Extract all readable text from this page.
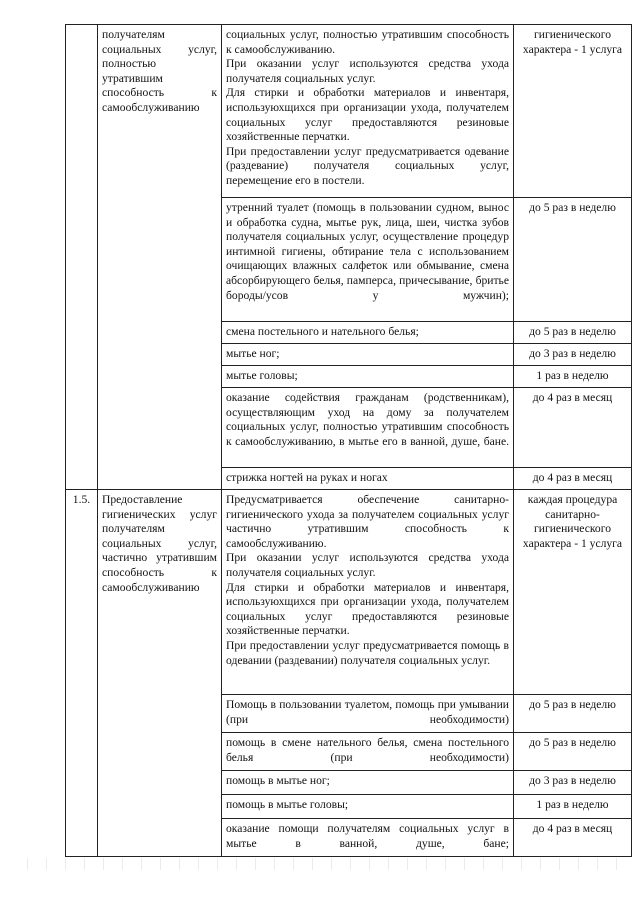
	получателям социальных услуг, полностью утратившим способность к самообслуживанию	социальных услуг, полностью утратившим способность к самообслуживанию.
При оказании услуг используются средства ухода получателя социальных услуг.
Для стирки и обработки материалов и инвентаря, используюхщихся при организации ухода, получателем социальных услуг предоставляются резиновые хозяйственные перчатки.
При предоставлении услуг предусматривается одевание (раздевание) получателя социальных услуг, перемещение его в постели.	гигиенического характера - 1 услуга
		утренний туалет (помощь в пользовании судном, вынос и обработка судна, мытье рук, лица, шеи, чистка зубов получателя социальных услуг, осуществление процедур интимной гигиены, обтирание тела с использованием очищающих влажных салфеток или обмывание, смена абсорбирующего белья, памперса, причесывание, бритье бороды/усов у мужчин);	до 5 раз в неделю
		смена постельного и нательного белья;	до 5 раз в неделю
		мытье ног;	до 3 раз в неделю
		мытье головы;	1 раз в неделю
		оказание содействия гражданам (родственникам), осуществляющим уход на дому за получателем социальных услуг, полностью утратившим способность к самообслуживанию, в мытье его в ванной, душе, бане.	до 4 раз в месяц
		стрижка ногтей на руках и ногах	до 4 раз в месяц
1.5.	Предоставление гигиенических услуг получателям социальных услуг, частично утратившим способность к самообслуживанию	Предусматривается обеспечение санитарно-гигиенического ухода за получателем социальных услуг частично утратившим способность к самообслуживанию.
При оказании услуг используются средства ухода получателя социальных услуг.
Для стирки и обработки материалов и инвентаря, используюхщихся при организации ухода, получателем социальных услуг предоставляются резиновые хозяйственные перчатки.
При предоставлении услуг предусматривается помощь в одевании (раздевании) получателя социальных услуг.	каждая процедура санитарно-гигиенического характера - 1 услуга
		Помощь в пользовании туалетом, помощь при умывании (при необходимости)	до 5 раз в неделю
		помощь в смене нательного белья, смена постельного белья (при необходимости)	до 5 раз в неделю
		помощь в мытье ног;	до 3 раз в неделю
		помощь в мытье головы;	1 раз в неделю
		оказание помощи получателям социальных услуг в мытье в ванной, душе, бане;	до 4 раз в месяц
